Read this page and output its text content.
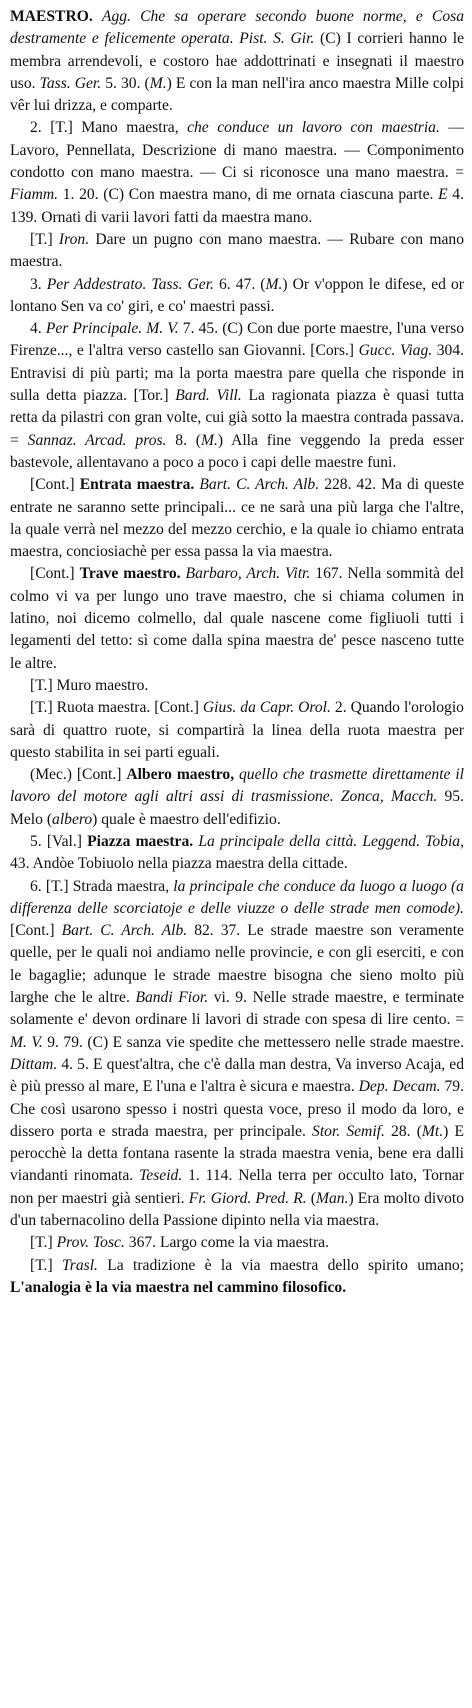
MAESTRO. Agg. Che sa operare secondo buone norme, e Cosa destramente e felicemente operata. Pist. S. Gir. (C) I corrieri hanno le membra arrendevoli, e costoro hae addottrinati e insegnati il maestro uso. Tass. Ger. 5. 30. (M.) E con la man nell'ira anco maestra Mille colpi vêr lui drizza, e comparte.

2. [T.] Mano maestra, che conduce un lavoro con maestria. — Lavoro, Pennellata, Descrizione di mano maestra. — Componimento condotto con mano maestra. — Ci si riconosce una mano maestra. = Fiamm. 1. 20. (C) Con maestra mano, di me ornata ciascuna parte. E 4. 139. Ornati di varii lavori fatti da maestra mano.

[T.] Iron. Dare un pugno con mano maestra. — Rubare con mano maestra.

3. Per Addestrato. Tass. Ger. 6. 47. (M.) Or v'oppon le difese, ed or lontano Sen va co' giri, e co' maestri passi.

4. Per Principale. M. V. 7. 45. (C) Con due porte maestre, l'una verso Firenze..., e l'altra verso castello san Giovanni. [Cors.] Gucc. Viag. 304. Entravisi di più parti; ma la porta maestra pare quella che risponde in sulla detta piazza. [Tor.] Bard. Vill. La ragionata piazza è quasi tutta retta da pilastri con gran volte, cui già sotto la maestra contrada passava. = Sannaz. Arcad. pros. 8. (M.) Alla fine veggendo la preda esser bastevole, allentavano a poco a poco i capi delle maestre funi.

[Cont.] Entrata maestra. Bart. C. Arch. Alb. 228. 42. Ma di queste entrate ne saranno sette principali... ce ne sarà una più larga che l'altre, la quale verrà nel mezzo del mezzo cerchio, e la quale io chiamo entrata maestra, conciosiachè per essa passa la via maestra.

[Cont.] Trave maestro. Barbaro, Arch. Vitr. 167. Nella sommità del colmo vi va per lungo uno trave maestro, che si chiama columen in latino, noi dicemo colmello, dal quale nascene come figliuoli tutti i legamenti del tetto: sì come dalla spina maestra de' pesce nasceno tutte le altre.

[T.] Muro maestro.

[T.] Ruota maestra. [Cont.] Gius. da Capr. Orol. 2. Quando l'orologio sarà di quattro ruote, si compartirà la linea della ruota maestra per questo stabilita in sei parti eguali.

(Mec.) [Cont.] Albero maestro, quello che trasmette direttamente il lavoro del motore agli altri assi di trasmissione. Zonca, Macch. 95. Melo (albero) quale è maestro dell'edifizio.

5. [Val.] Piazza maestra. La principale della città. Leggend. Tobia, 43. Andòe Tobiuolo nella piazza maestra della cittade.

6. [T.] Strada maestra, la principale che conduce da luogo a luogo (a differenza delle scorciatoje e delle viuzze o delle strade men comode). [Cont.] Bart. C. Arch. Alb. 82. 37. Le strade maestre son veramente quelle, per le quali noi andiamo nelle provincie, e con gli eserciti, e con le bagaglie; adunque le strade maestre bisogna che sieno molto più larghe che le altre. Bandi Fior. vi. 9. Nelle strade maestre, e terminate solamente e' devon ordinare li lavori di strade con spesa di lire cento. = M. V. 9. 79. (C) E sanza vie spedite che mettessero nelle strade maestre. Dittam. 4. 5. E quest'altra, che c'è dalla man destra, Va inverso Acaja, ed è più presso al mare, E l'una e l'altra è sicura e maestra. Dep. Decam. 79. Che così usarono spesso i nostri questa voce, preso il modo da loro, e dissero porta e strada maestra, per principale. Stor. Semif. 28. (Mt.) E perocchè la detta fontana rasente la strada maestra venia, bene era dalli viandanti rinomata. Teseid. 1. 114. Nella terra per occulto lato, Tornar non per maestri già sentieri. Fr. Giord. Pred. R. (Man.) Era molto divoto d'un tabernacolino della Passione dipinto nella via maestra.

[T.] Prov. Tosc. 367. Largo come la via maestra.

[T.] Trasl. La tradizione è la via maestra dello spirito umano; L'analogia è la via maestra nel cammino filosofico.
